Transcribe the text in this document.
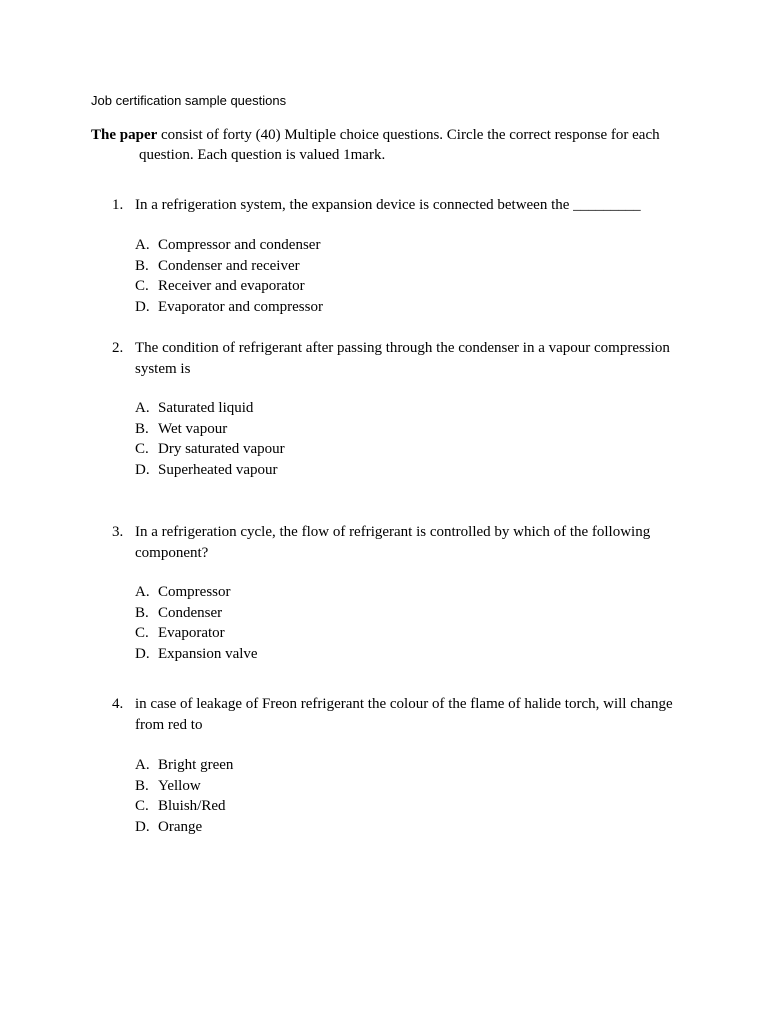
Job certification sample questions
The paper consist of forty (40) Multiple choice questions. Circle the correct response for each
question. Each question is valued 1mark.
1. In a refrigeration system, the expansion device is connected between the _________
A. Compressor and condenser
B. Condenser and receiver
C. Receiver and evaporator
D. Evaporator and compressor
2. The condition of refrigerant after passing through the condenser in a vapour compression system is
A. Saturated liquid
B. Wet vapour
C. Dry saturated vapour
D. Superheated vapour
3. In a refrigeration cycle, the flow of refrigerant is controlled by which of the following component?
A. Compressor
B. Condenser
C. Evaporator
D. Expansion valve
4. in case of leakage of Freon refrigerant the colour of the flame of halide torch, will change from red to
A. Bright green
B. Yellow
C. Bluish/Red
D. Orange
